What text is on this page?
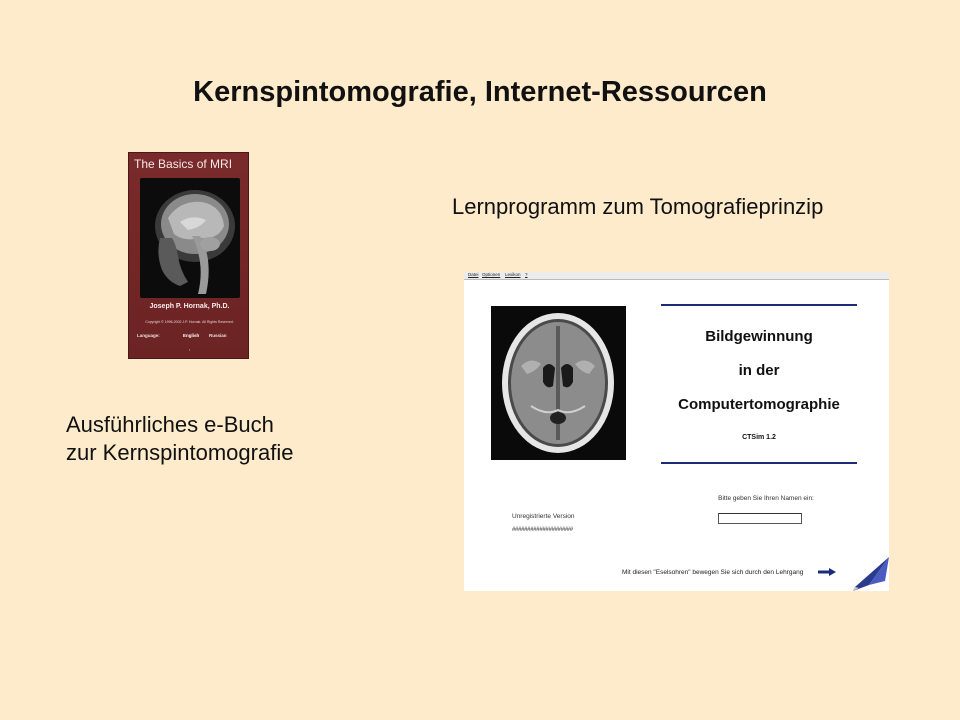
Kernspintomografie, Internet-Ressourcen
Lernprogramm zum Tomografieprinzip
Ausführliches e-Buch
zur Kernspintomografie
The Basics of MRI
Joseph P. Hornak, Ph.D.
Copyright © 1996-2002 J.P. Hornak. All Rights Reserved.
Language:	English Russian
▪
Datei Optionen Lexikon ?
Bildgewinnung
in der
Computertomographie
CTSim 1.2
Bitte geben Sie Ihren Namen ein:
Unregistrierte Version
####################
Mit diesen "Eselsohren" bewegen Sie sich durch den Lehrgang
